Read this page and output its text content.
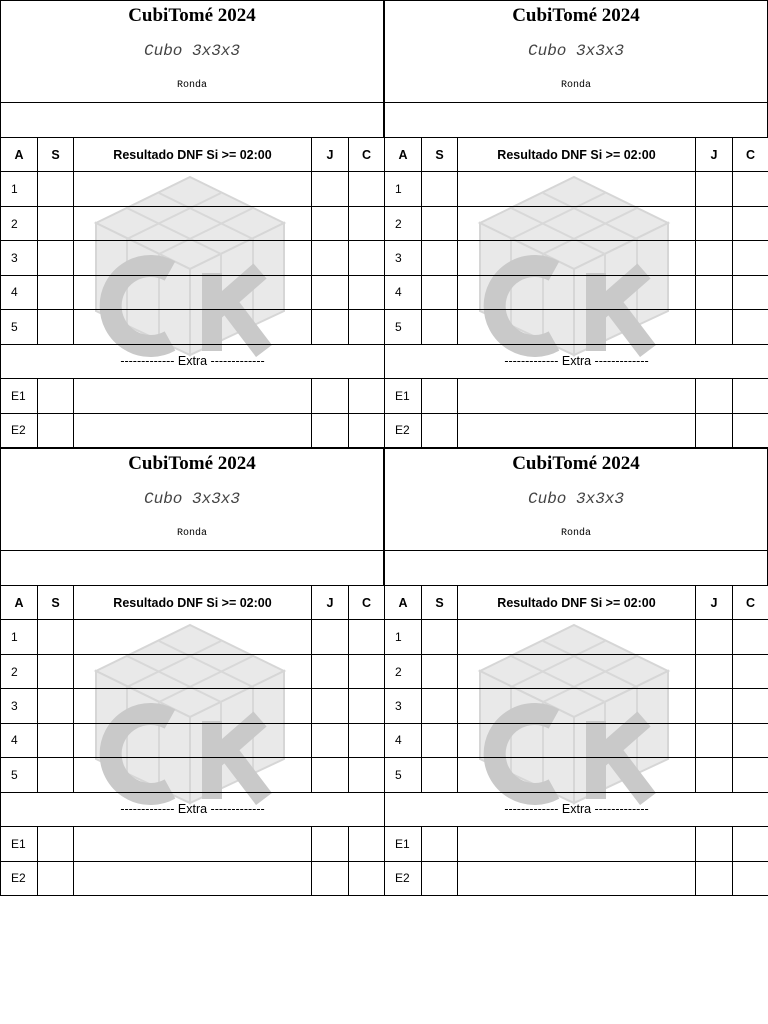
CubiTomé 2024
Cubo 3x3x3
Ronda
A	S	Resultado DNF Si >= 02:00	J	C
1				
2				
3				
4				
5				
------------- Extra -------------				
E1				
E2				
CubiTomé 2024
Cubo 3x3x3
Ronda
A	S	Resultado DNF Si >= 02:00	J	C
1				
2				
3				
4				
5				
------------- Extra -------------				
E1				
E2				
CubiTomé 2024
Cubo 3x3x3
Ronda
A	S	Resultado DNF Si >= 02:00	J	C
1				
2				
3				
4				
5				
------------- Extra -------------				
E1				
E2				
CubiTomé 2024
Cubo 3x3x3
Ronda
A	S	Resultado DNF Si >= 02:00	J	C
1				
2				
3				
4				
5				
------------- Extra -------------				
E1				
E2				
